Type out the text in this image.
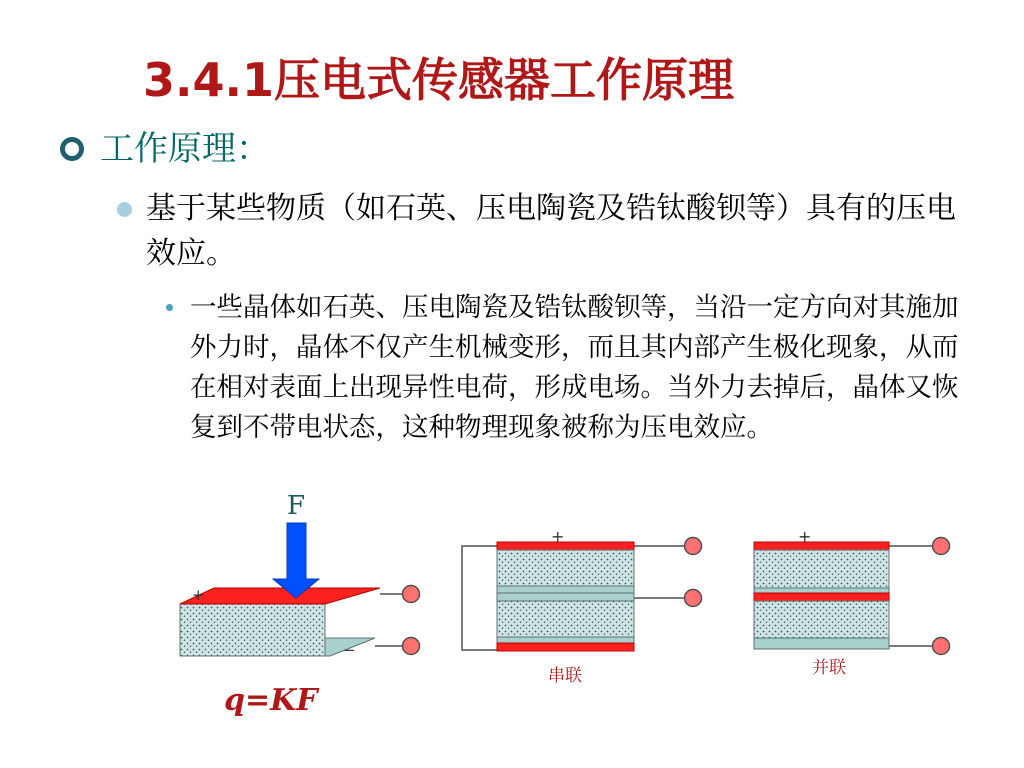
3.4.1压电式传感器工作原理

工作原理：

基于某些物质（如石英、压电陶瓷及锆钛酸钡等）具有的压电效应。

一些晶体如石英、压电陶瓷及锆钛酸钡等，当沿一定方向对其施加外力时，晶体不仅产生机械变形，而且其内部产生极化现象，从而在相对表面上出现异性电荷，形成电场。当外力去掉后，晶体又恢复到不带电状态，这种物理现象被称为压电效应。

F
+
−
q=KF
+
串联
+
并联
